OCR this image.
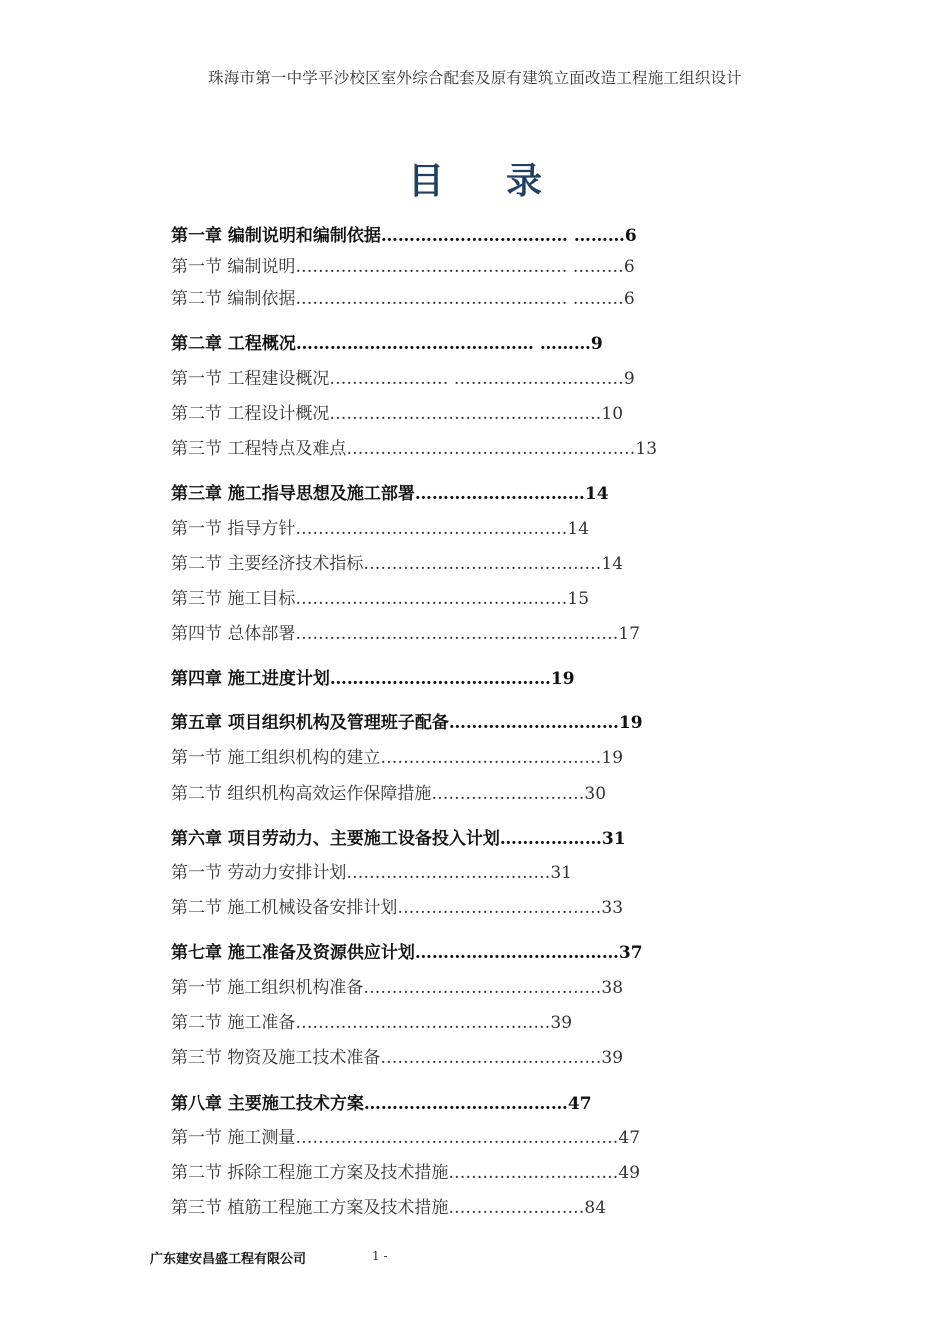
珠海市第一中学平沙校区室外综合配套及原有建筑立面改造工程施工组织设计
目 录
第一章 编制说明和编制依据…………………………… ………6
第一节 编制说明………………………………………… ………6
第二节 编制依据………………………………………… ………6
第二章 工程概况…………………………………… ………9
第一节 工程建设概况………………… …………………………9
第二节 工程设计概况…………………………………………10
第三节 工程特点及难点……………………………………………13
第三章 施工指导思想及施工部署…………………………14
第一节 指导方针…………………………………………14
第二节 主要经济技术指标……………………………………14
第三节 施工目标…………………………………………15
第四节 总体部署…………………………………………………17
第四章 施工进度计划…………………………………19
第五章 项目组织机构及管理班子配备…………………………19
第一节 施工组织机构的建立…………………………………19
第二节 组织机构高效运作保障措施………………………30
第六章 项目劳动力、主要施工设备投入计划………………31
第一节 劳动力安排计划………………………………31
第二节 施工机械设备安排计划………………………………33
第七章 施工准备及资源供应计划………………………………37
第一节 施工组织机构准备……………………………………38
第二节 施工准备………………………………………39
第三节 物资及施工技术准备…………………………………39
第八章 主要施工技术方案………………………………47
第一节 施工测量…………………………………………………47
第二节 拆除工程施工方案及技术措施…………………………49
第三节 植筋工程施工方案及技术措施……………………84
广东建安昌盛工程有限公司	1 -
